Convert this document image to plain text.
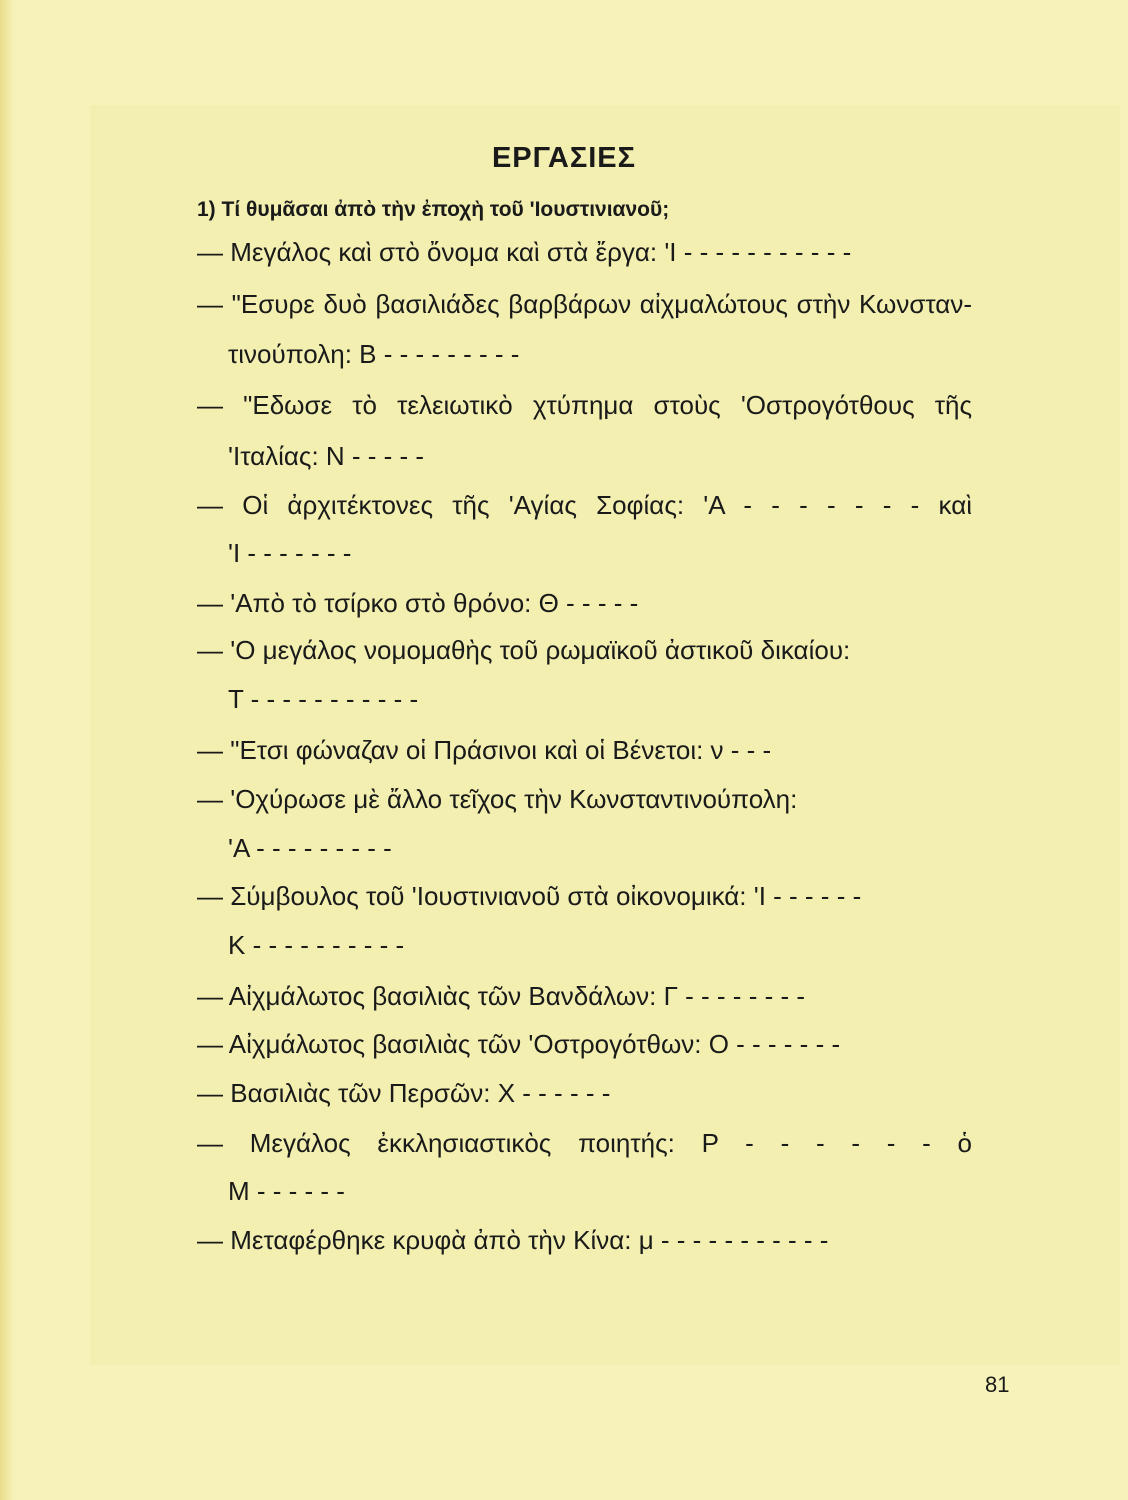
ΕΡΓΑΣΙΕΣ
1) Τί θυμᾶσαι ἀπὸ τὴν ἐποχὴ τοῦ 'Ιουστινιανοῦ;
— Μεγάλος καὶ στὸ ὄνομα καὶ στὰ ἔργα: 'Ι - - - - - - - - - - -
— "Εσυρε δυὸ βασιλιάδες βαρβάρων αἰχμαλώτους στὴν Κωνσταν-
τινούπολη: Β - - - - - - - - -
— "Εδωσε τὸ τελειωτικὸ χτύπημα στοὺς 'Οστρογότθους τῆς
'Ιταλίας: Ν - - - - -
— Οἱ ἀρχιτέκτονες τῆς 'Αγίας Σοφίας: 'Α - - - - - - - καὶ
'Ι - - - - - - -
— 'Απὸ τὸ τσίρκο στὸ θρόνο: Θ - - - - -
— 'Ο μεγάλος νομομαθὴς τοῦ ρωμαϊκοῦ ἀστικοῦ δικαίου:
Τ - - - - - - - - - - -
— "Ετσι φώναζαν οἱ Πράσινοι καὶ οἱ Βένετοι: ν - - -
— 'Οχύρωσε μὲ ἄλλο τεῖχος τὴν Κωνσταντινούπολη:
'Α - - - - - - - - -
— Σύμβουλος τοῦ 'Ιουστινιανοῦ στὰ οἰκονομικά: 'Ι - - - - - -
Κ - - - - - - - - - -
— Αἰχμάλωτος βασιλιὰς τῶν Βανδάλων: Γ - - - - - - - -
— Αἰχμάλωτος βασιλιὰς τῶν 'Οστρογότθων: Ο - - - - - - -
— Βασιλιὰς τῶν Περσῶν: Χ - - - - - -
— Μεγάλος ἐκκλησιαστικὸς ποιητής: Ρ - - - - - - ὁ
Μ - - - - - -
— Μεταφέρθηκε κρυφὰ ἀπὸ τὴν Κίνα: μ - - - - - - - - - - -
81
